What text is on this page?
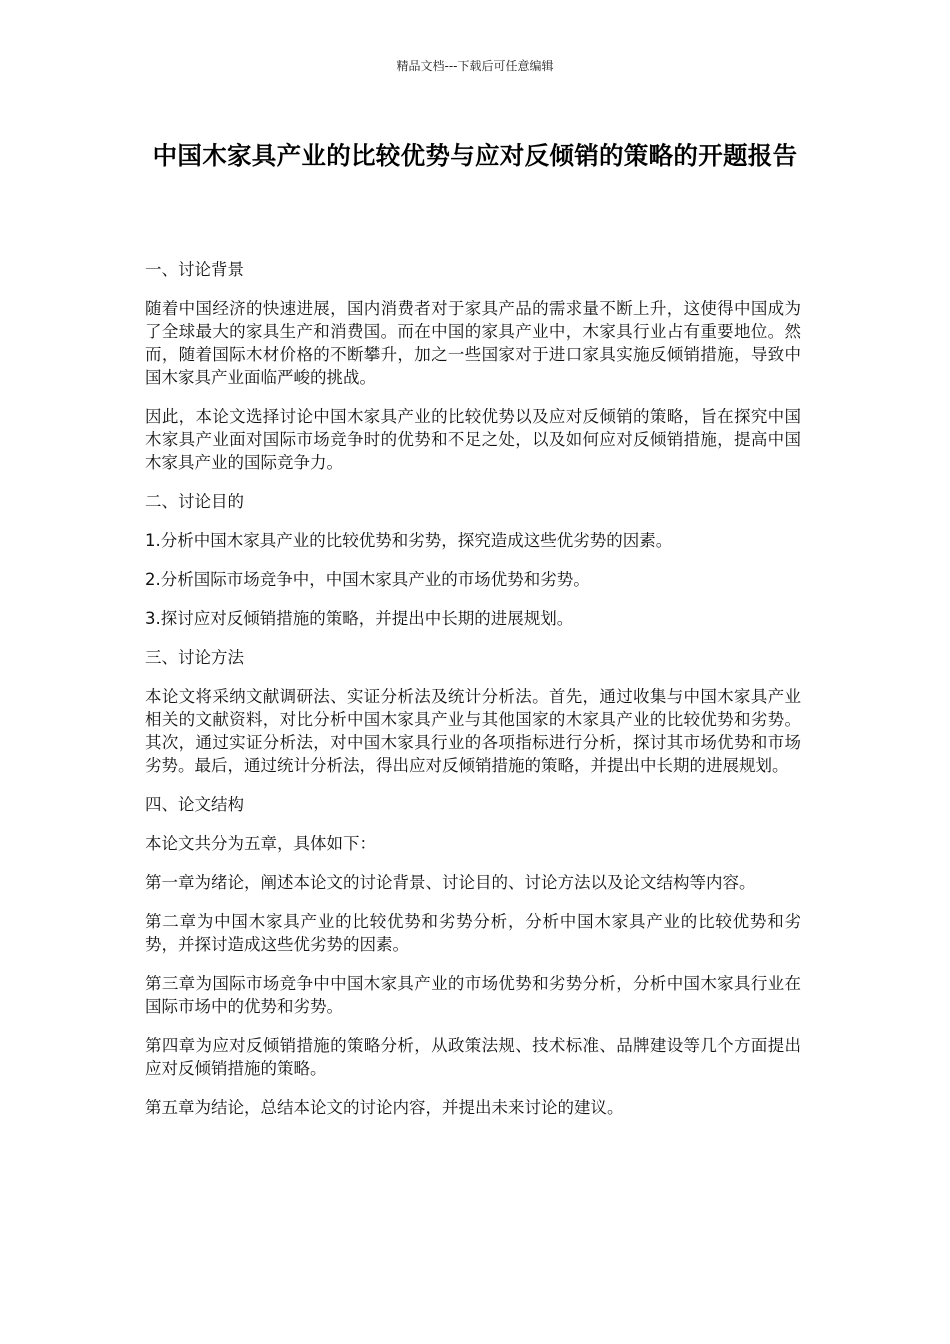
精品文档---下载后可任意编辑
中国木家具产业的比较优势与应对反倾销的策略的开题报告

一、讨论背景

随着中国经济的快速进展，国内消费者对于家具产品的需求量不断上升，这使得中国成为了全球最大的家具生产和消费国。而在中国的家具产业中，木家具行业占有重要地位。然而，随着国际木材价格的不断攀升，加之一些国家对于进口家具实施反倾销措施，导致中国木家具产业面临严峻的挑战。

因此，本论文选择讨论中国木家具产业的比较优势以及应对反倾销的策略，旨在探究中国木家具产业面对国际市场竞争时的优势和不足之处，以及如何应对反倾销措施，提高中国木家具产业的国际竞争力。

二、讨论目的

1.分析中国木家具产业的比较优势和劣势，探究造成这些优劣势的因素。

2.分析国际市场竞争中，中国木家具产业的市场优势和劣势。

3.探讨应对反倾销措施的策略，并提出中长期的进展规划。

三、讨论方法

本论文将采纳文献调研法、实证分析法及统计分析法。首先，通过收集与中国木家具产业相关的文献资料，对比分析中国木家具产业与其他国家的木家具产业的比较优势和劣势。其次，通过实证分析法，对中国木家具行业的各项指标进行分析，探讨其市场优势和市场劣势。最后，通过统计分析法，得出应对反倾销措施的策略，并提出中长期的进展规划。

四、论文结构

本论文共分为五章，具体如下：

第一章为绪论，阐述本论文的讨论背景、讨论目的、讨论方法以及论文结构等内容。

第二章为中国木家具产业的比较优势和劣势分析，分析中国木家具产业的比较优势和劣势，并探讨造成这些优劣势的因素。

第三章为国际市场竞争中中国木家具产业的市场优势和劣势分析，分析中国木家具行业在国际市场中的优势和劣势。

第四章为应对反倾销措施的策略分析，从政策法规、技术标准、品牌建设等几个方面提出应对反倾销措施的策略。

第五章为结论，总结本论文的讨论内容，并提出未来讨论的建议。
